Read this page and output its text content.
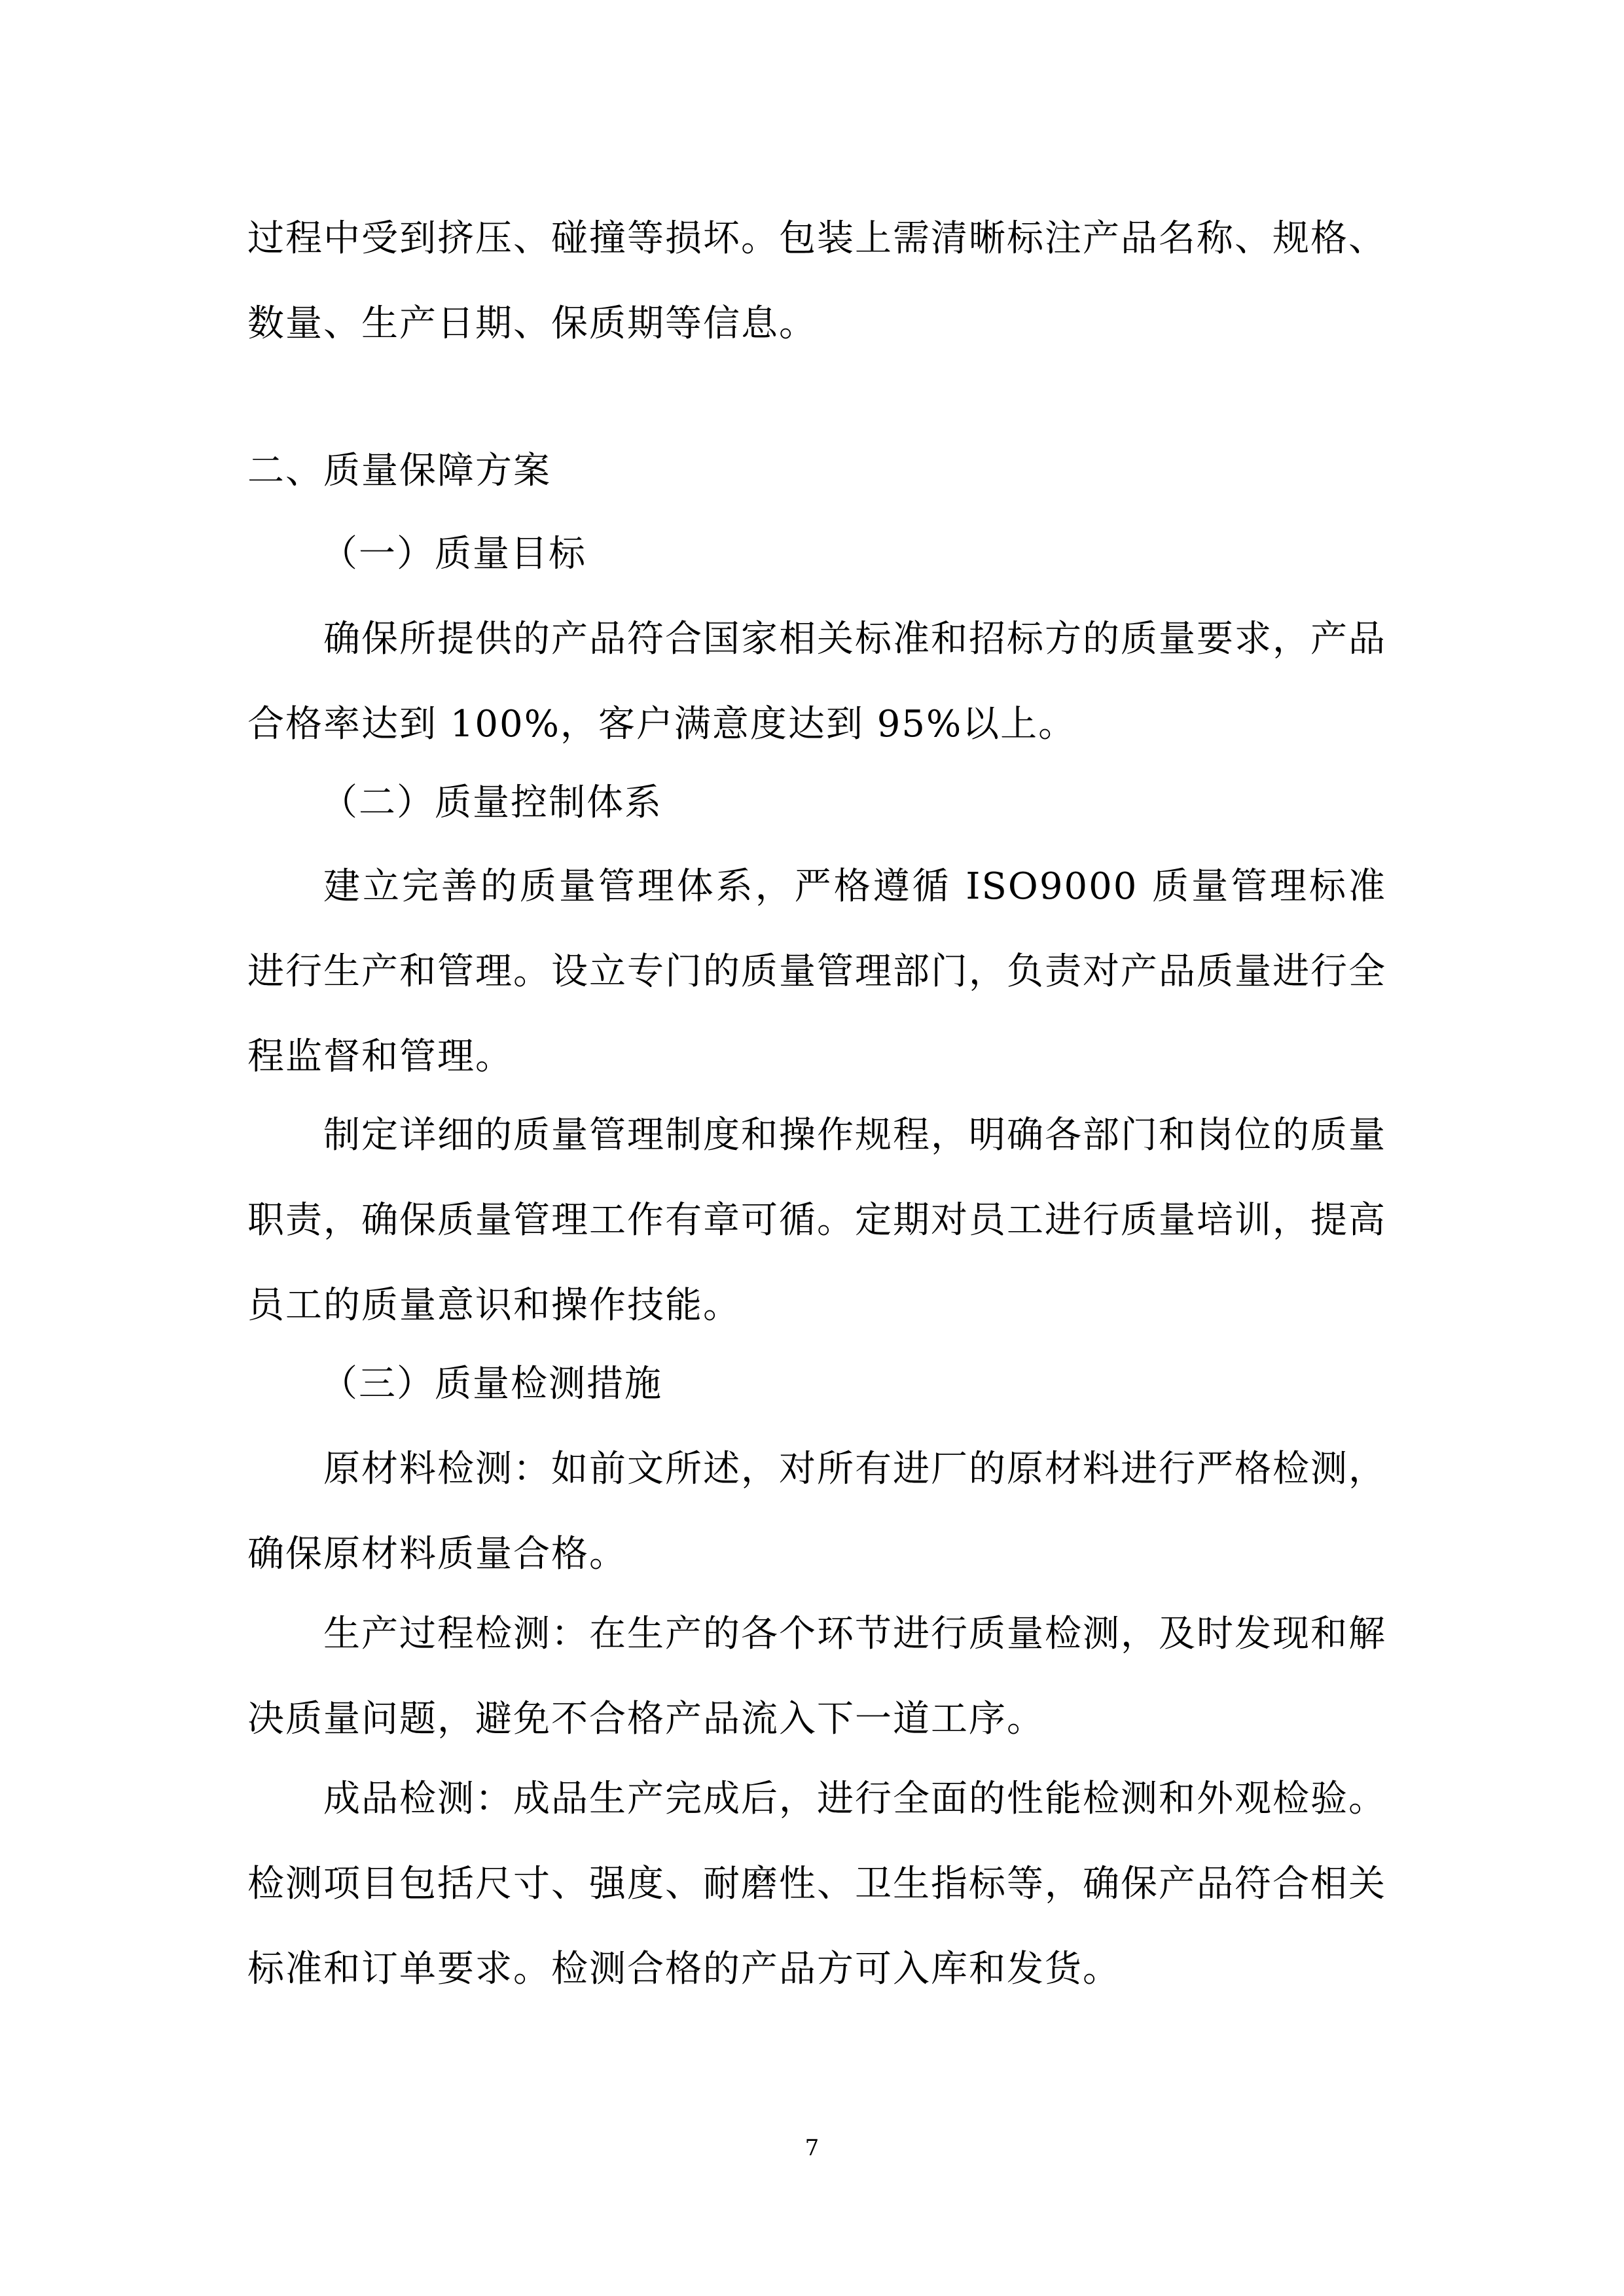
过程中受到挤压、碰撞等损坏。包装上需清晰标注产品名称、规格、数量、生产日期、保质期等信息。

二、质量保障方案

（一）质量目标

确保所提供的产品符合国家相关标准和招标方的质量要求，产品合格率达到 100%，客户满意度达到 95%以上。

（二）质量控制体系

建立完善的质量管理体系，严格遵循 ISO9000 质量管理标准进行生产和管理。设立专门的质量管理部门，负责对产品质量进行全程监督和管理。

制定详细的质量管理制度和操作规程，明确各部门和岗位的质量职责，确保质量管理工作有章可循。定期对员工进行质量培训，提高员工的质量意识和操作技能。

（三）质量检测措施

原材料检测：如前文所述，对所有进厂的原材料进行严格检测，确保原材料质量合格。

生产过程检测：在生产的各个环节进行质量检测，及时发现和解决质量问题，避免不合格产品流入下一道工序。

成品检测：成品生产完成后，进行全面的性能检测和外观检验。检测项目包括尺寸、强度、耐磨性、卫生指标等，确保产品符合相关标准和订单要求。检测合格的产品方可入库和发货。

7
